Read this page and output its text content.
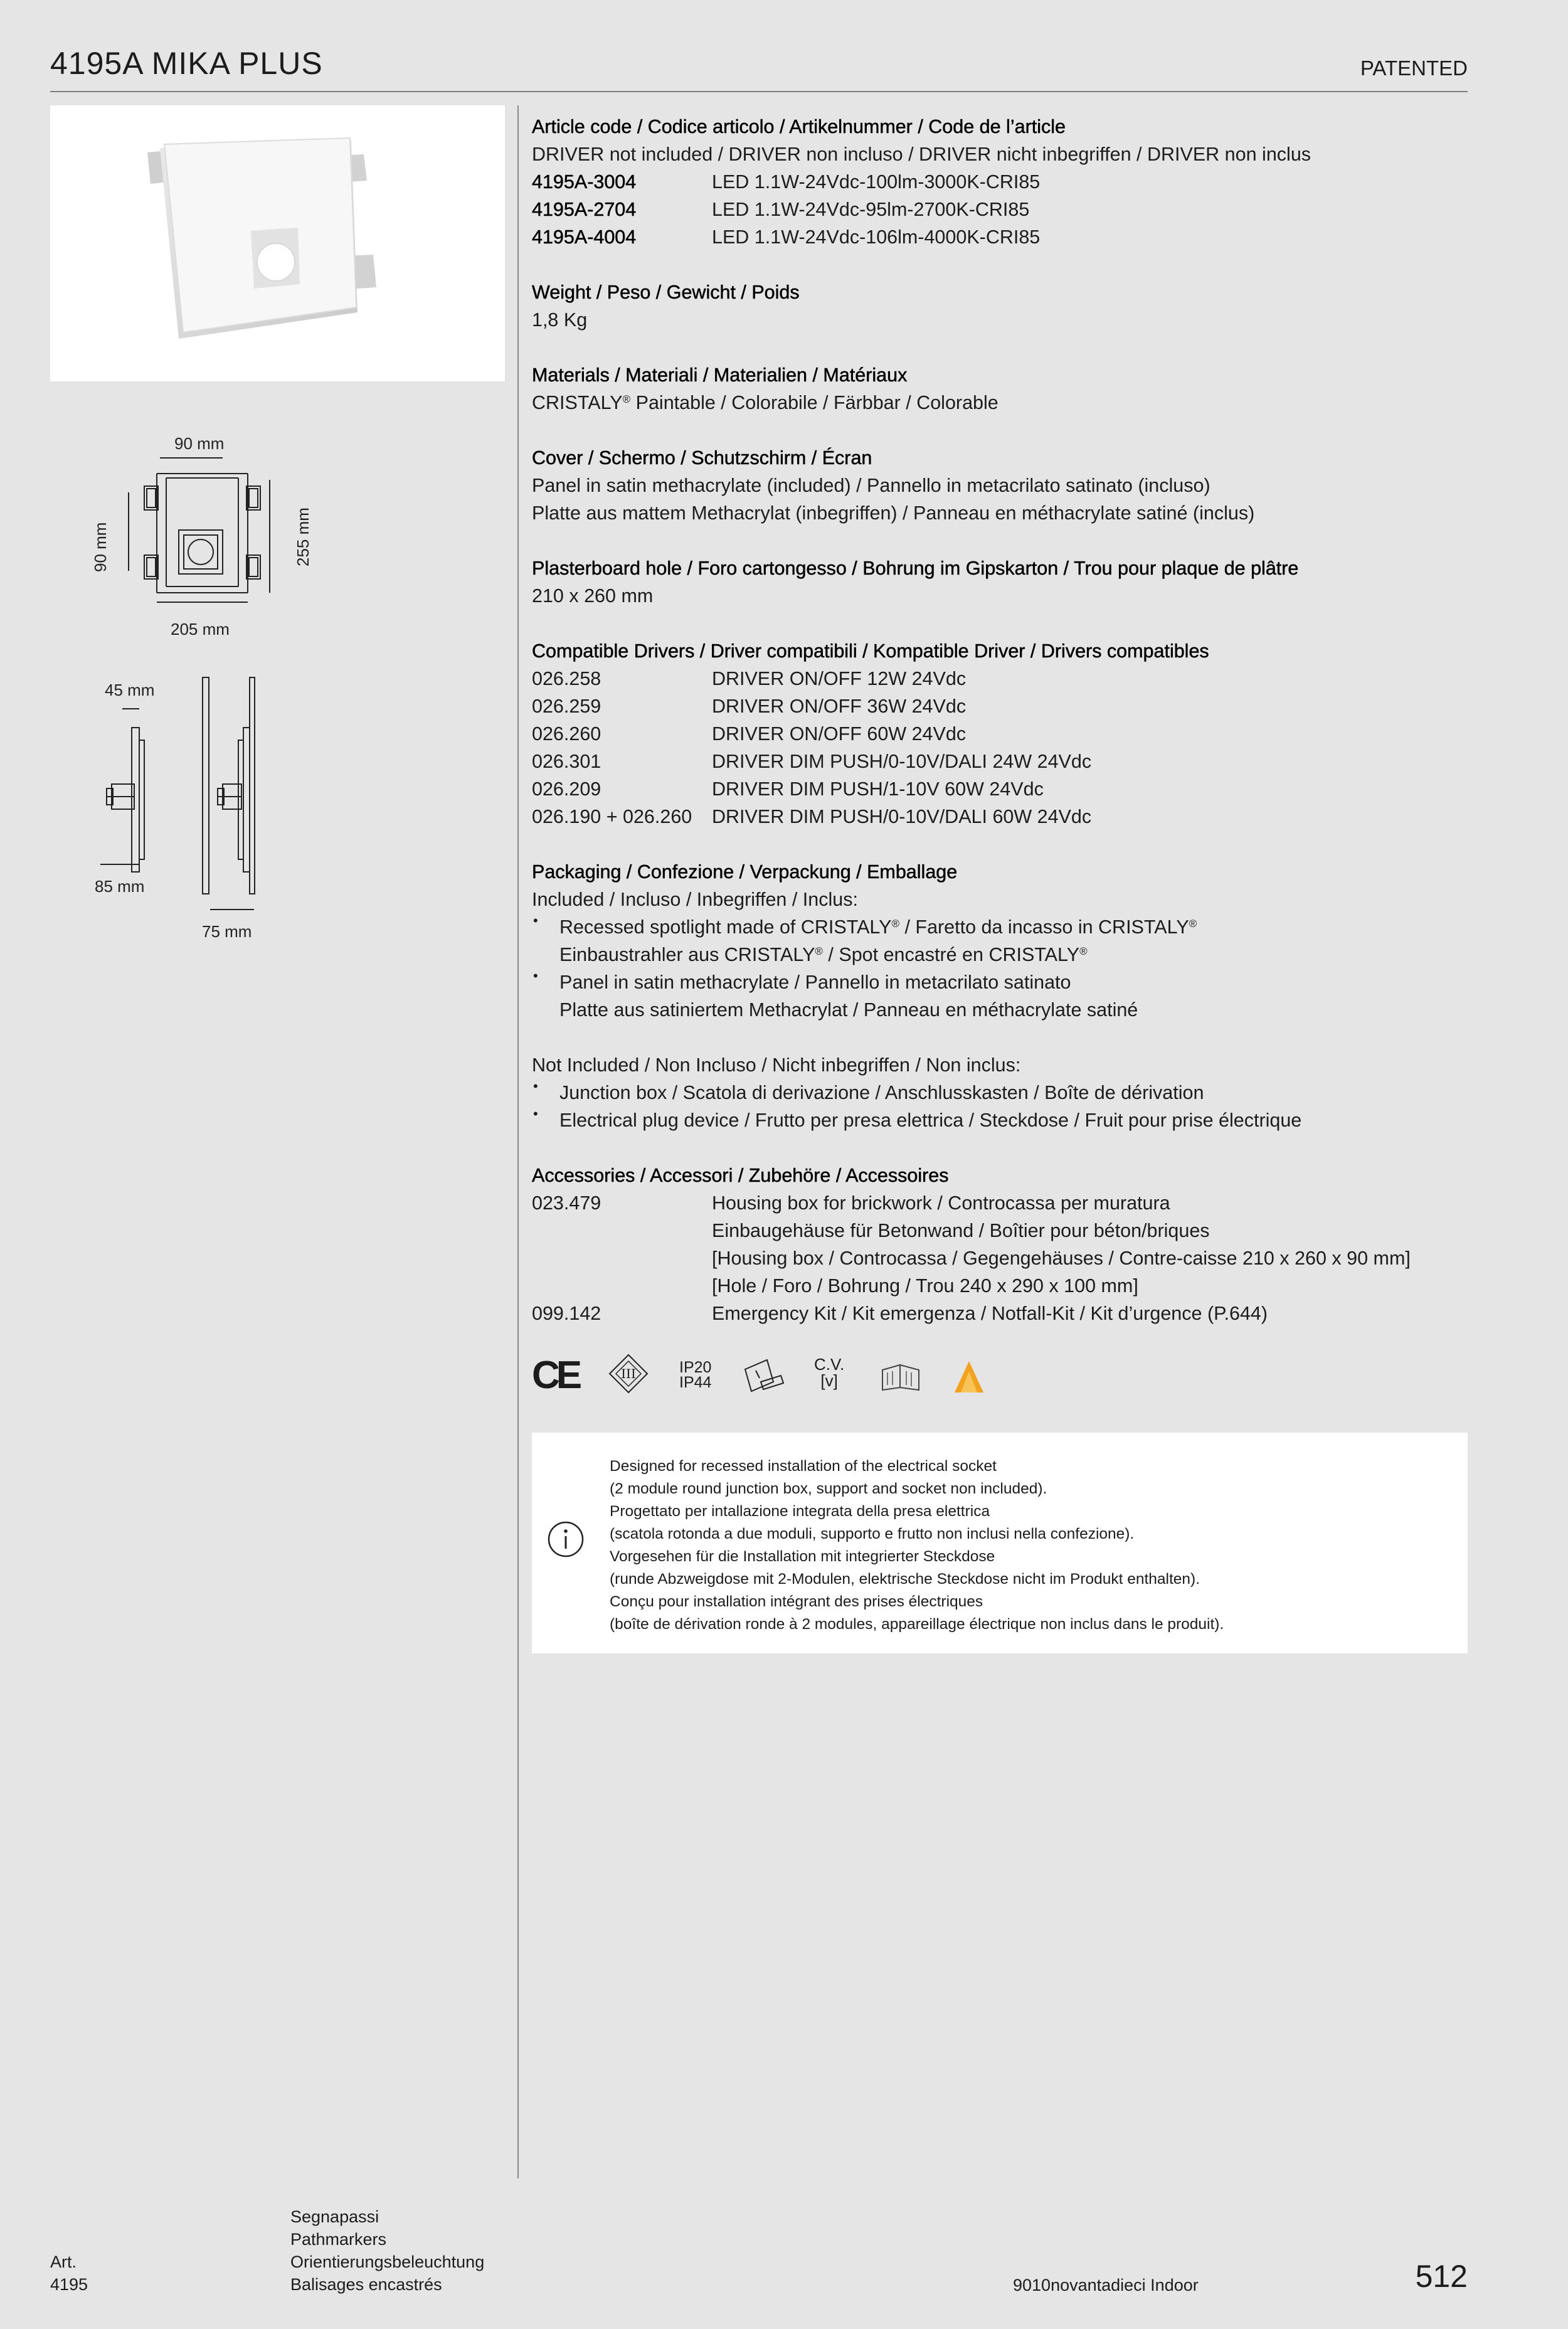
4195A MIKA PLUS	PATENTED
90 mm
90 mm	255 mm
205 mm
45 mm
85 mm
75 mm
Article code / Codice articolo / Artikelnummer / Code de l’article
DRIVER not included / DRIVER non incluso / DRIVER nicht inbegriffen / DRIVER non inclus
4195A-3004	LED 1.1W-24Vdc-100lm-3000K-CRI85
4195A-2704	LED 1.1W-24Vdc-95lm-2700K-CRI85
4195A-4004	LED 1.1W-24Vdc-106lm-4000K-CRI85
Weight / Peso / Gewicht / Poids
1,8 Kg
Materials / Materiali / Materialien / Matériaux
CRISTALY® Paintable / Colorabile / Färbbar / Colorable
Cover / Schermo / Schutzschirm / Écran
Panel in satin methacrylate (included) / Pannello in metacrilato satinato (incluso)
Platte aus mattem Methacrylat (inbegriffen) / Panneau en méthacrylate satiné (inclus)
Plasterboard hole / Foro cartongesso / Bohrung im Gipskarton / Trou pour plaque de plâtre
210 x 260 mm
Compatible Drivers / Driver compatibili / Kompatible Driver / Drivers compatibles
026.258	DRIVER ON/OFF 12W 24Vdc
026.259	DRIVER ON/OFF 36W 24Vdc
026.260	DRIVER ON/OFF 60W 24Vdc
026.301	DRIVER DIM PUSH/0-10V/DALI 24W 24Vdc
026.209	DRIVER DIM PUSH/1-10V 60W 24Vdc
026.190 + 026.260 DRIVER DIM PUSH/0-10V/DALI 60W 24Vdc
Packaging / Confezione / Verpackung / Emballage
Included / Incluso / Inbegriffen / Inclus:
• Recessed spotlight made of CRISTALY® / Faretto da incasso in CRISTALY®
Einbaustrahler aus CRISTALY® / Spot encastré en CRISTALY®
• Panel in satin methacrylate / Pannello in metacrilato satinato
Platte aus satiniertem Methacrylat / Panneau en méthacrylate satiné
Not Included / Non Incluso / Nicht inbegriffen / Non inclus:
• Junction box / Scatola di derivazione / Anschlusskasten / Boîte de dérivation
• Electrical plug device / Frutto per presa elettrica / Steckdose / Fruit pour prise électrique
Accessories / Accessori / Zubehöre / Accessoires
023.479	Housing box for brickwork / Controcassa per muratura
Einbaugehäuse für Betonwand / Boîtier pour béton/briques
[Housing box / Controcassa / Gegengehäuses / Contre-caisse 210 x 260 x 90 mm]
[Hole / Foro / Bohrung / Trou 240 x 290 x 100 mm]
099.142	Emergency Kit / Kit emergenza / Notfall-Kit / Kit d’urgence (P.644)
CE	III	IP20
IP44
C.V.
[v]
Designed for recessed installation of the electrical socket
(2 module round junction box, support and socket non included).
Progettato per intallazione integrata della presa elettrica
(scatola rotonda a due moduli, supporto e frutto non inclusi nella confezione).
Vorgesehen für die Installation mit integrierter Steckdose
(runde Abzweigdose mit 2-Modulen, elektrische Steckdose nicht im Produkt enthalten).
Conçu pour installation intégrant des prises électriques
(boîte de dérivation ronde à 2 modules, appareillage électrique non inclus dans le produit).
Art.
4195
Segnapassi
Pathmarkers
Orientierungsbeleuchtung
Balisages encastrés	9010novantadieci Indoor	512
